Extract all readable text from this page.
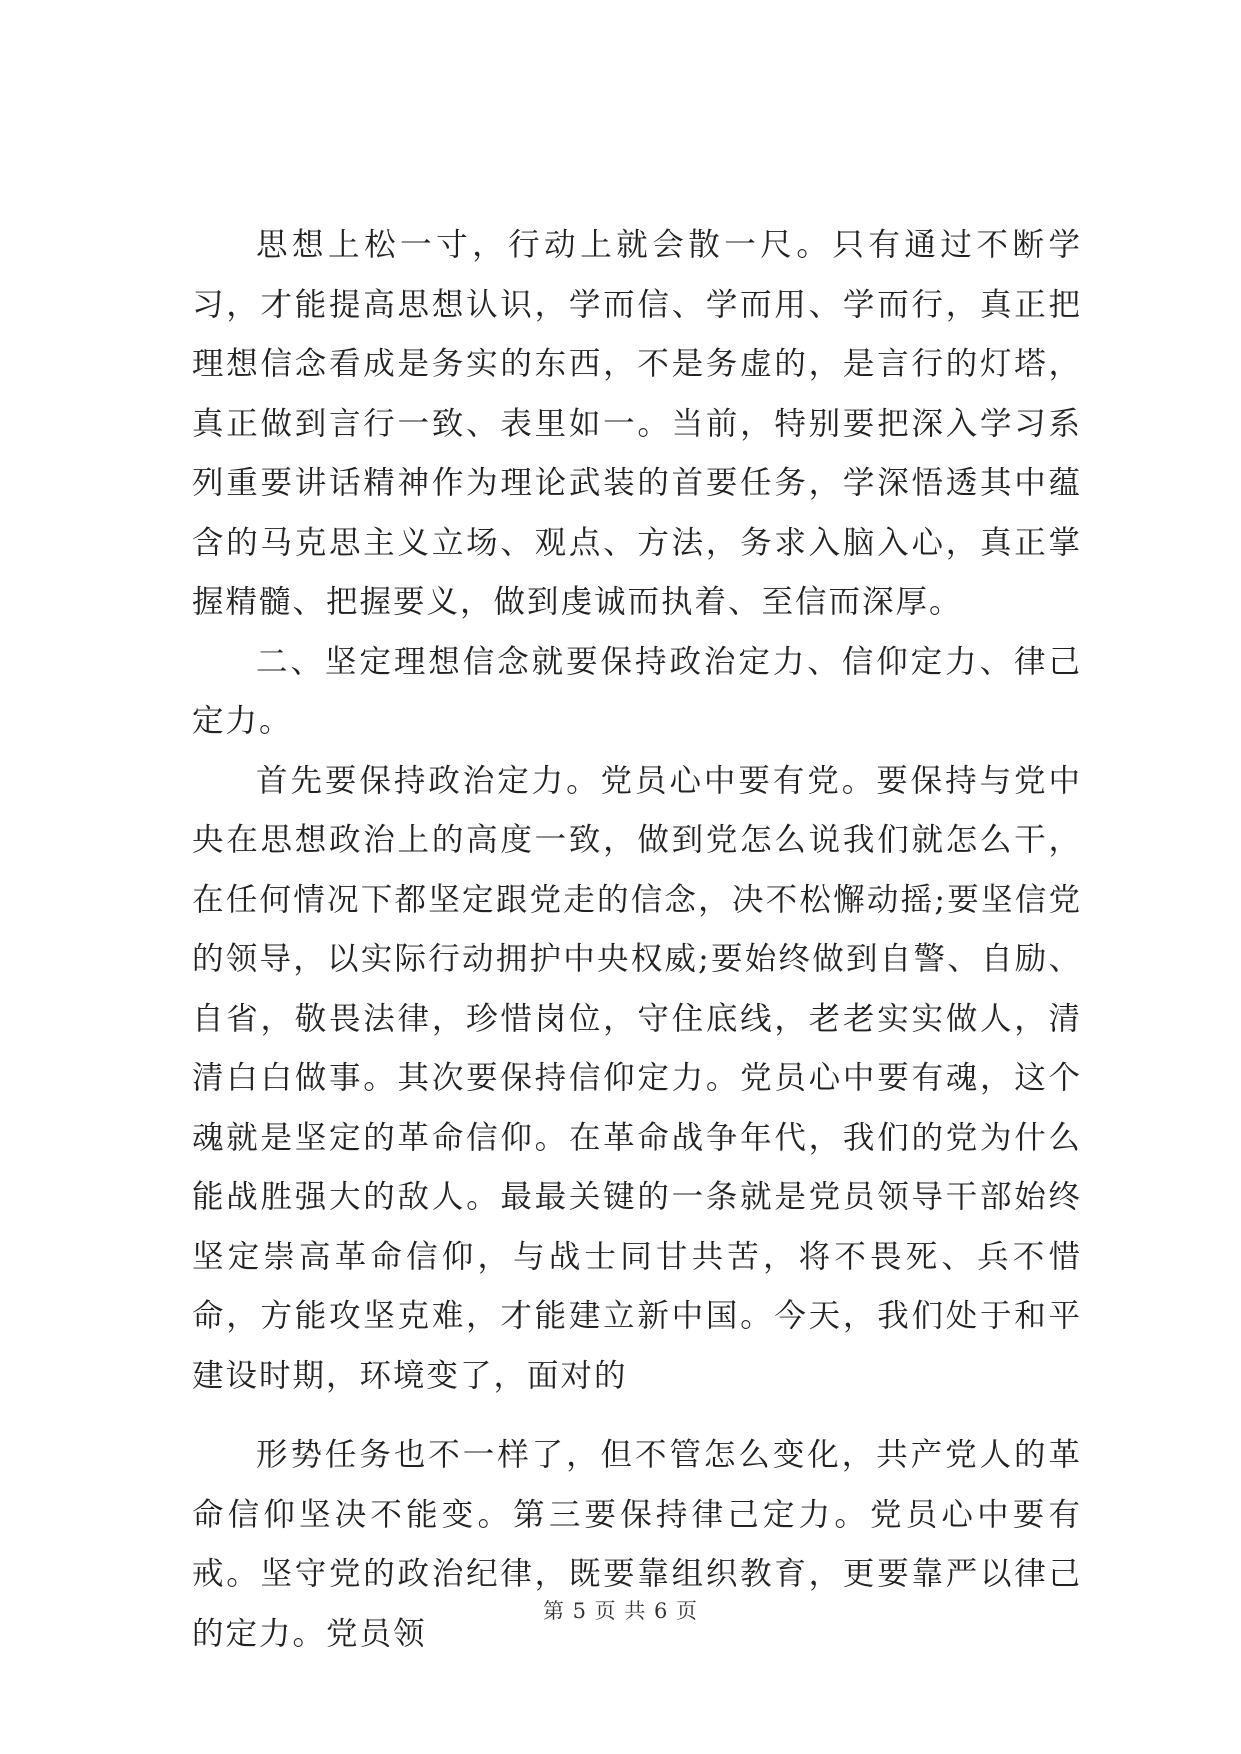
思想上松一寸，行动上就会散一尺。只有通过不断学习，才能提高思想认识，学而信、学而用、学而行，真正把理想信念看成是务实的东西，不是务虚的，是言行的灯塔，真正做到言行一致、表里如一。当前，特别要把深入学习系列重要讲话精神作为理论武装的首要任务，学深悟透其中蕴含的马克思主义立场、观点、方法，务求入脑入心，真正掌握精髓、把握要义，做到虔诚而执着、至信而深厚。

二、坚定理想信念就要保持政治定力、信仰定力、律己定力。

首先要保持政治定力。党员心中要有党。要保持与党中央在思想政治上的高度一致，做到党怎么说我们就怎么干，在任何情况下都坚定跟党走的信念，决不松懈动摇;要坚信党的领导，以实际行动拥护中央权威;要始终做到自警、自励、自省，敬畏法律，珍惜岗位，守住底线，老老实实做人，清清白白做事。其次要保持信仰定力。党员心中要有魂，这个魂就是坚定的革命信仰。在革命战争年代，我们的党为什么能战胜强大的敌人。最最关键的一条就是党员领导干部始终坚定崇高革命信仰，与战士同甘共苦，将不畏死、兵不惜命，方能攻坚克难，才能建立新中国。今天，我们处于和平建设时期，环境变了，面对的

形势任务也不一样了，但不管怎么变化，共产党人的革命信仰坚决不能变。第三要保持律己定力。党员心中要有戒。坚守党的政治纪律，既要靠组织教育，更要靠严以律己的定力。党员领

第 5 页 共 6 页
